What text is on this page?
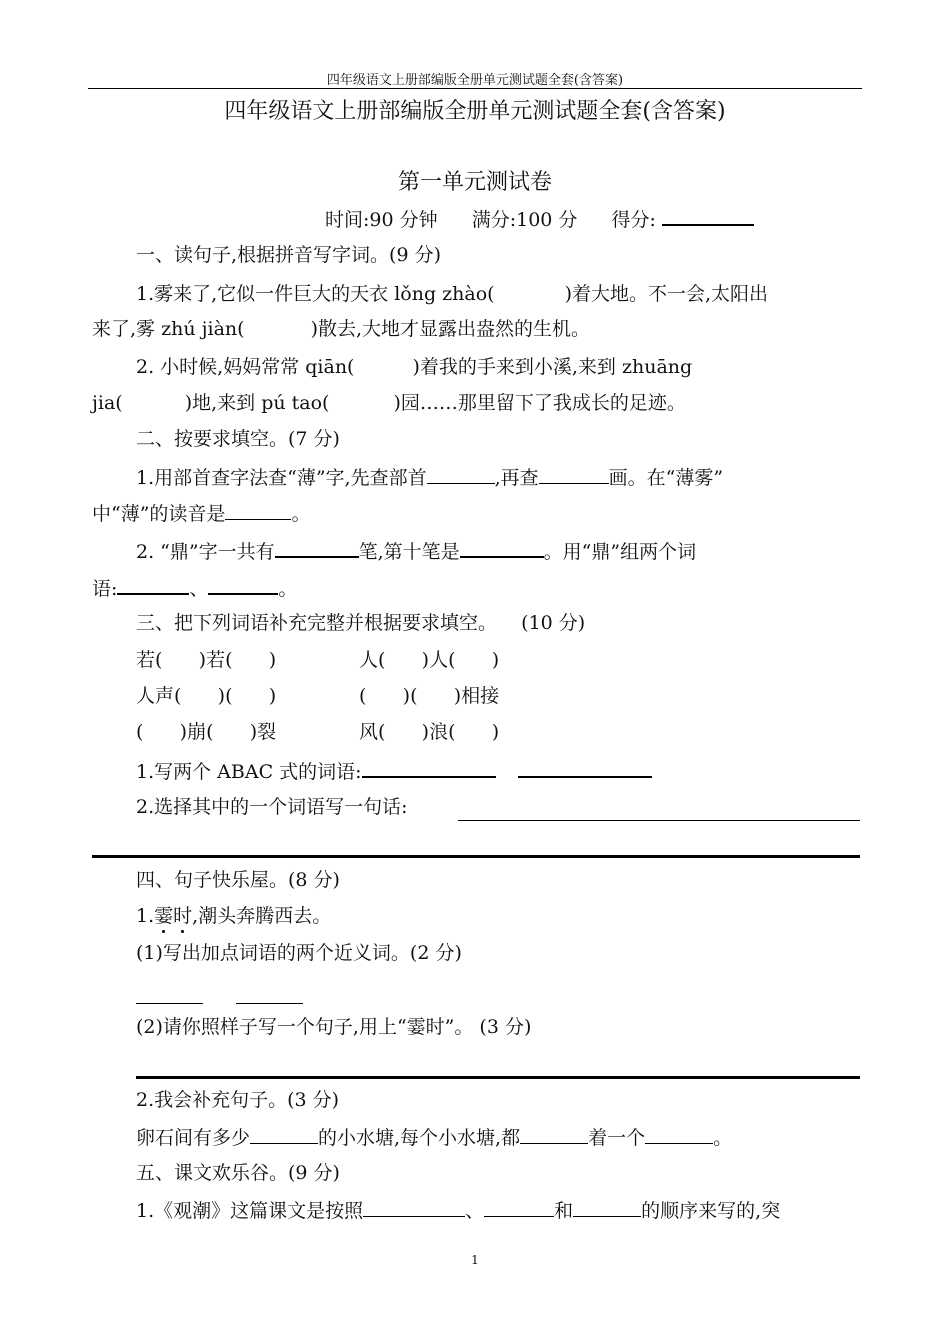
四年级语文上册部编版全册单元测试题全套(含答案)
四年级语文上册部编版全册单元测试题全套(含答案)
第一单元测试卷
时间:90 分钟 满分:100 分 得分:
一、读句子,根据拼音写字词。(9 分)
1.雾来了,它似一件巨大的天衣 lǒng zhào(	)着大地。不一会,太阳出
来了,雾 zhú jiàn(	)散去,大地才显露出盎然的生机。
2. 小时候,妈妈常常 qiān(	)着我的手来到小溪,来到 zhuāng
jia(	)地,来到 pú tao(	)园……那里留下了我成长的足迹。
二、按要求填空。(7 分)
1.用部首查字法查“薄”字,先查部首	,再查	画。在“薄雾”
中“薄”的读音是	。
2. “鼎”字一共有	笔,第十笔是	。用“鼎”组两个词
语:	、	。
三、把下列词语补充完整并根据要求填空。    (10 分)
若(      )若(      )	人(      )人(      )
人声(      )(      )	(      )(      )相接
(      )崩(      )裂	风(      )浪(      )
1.写两个 ABAC 式的词语:
2.选择其中的一个词语写一句话:
四、句子快乐屋。(8 分)
1.霎
时
,潮头奔腾西去。
(1)写出加点词语的两个近义词。(2 分)
(2)请你照样子写一个句子,用上“霎时”。 (3 分)
2.我会补充句子。(3 分)
卵石间有多少	的小水塘,每个小水塘,都	着一个	。
五、课文欢乐谷。(9 分)
1.《观潮》这篇课文是按照	、	和	的顺序来写的,突
1
